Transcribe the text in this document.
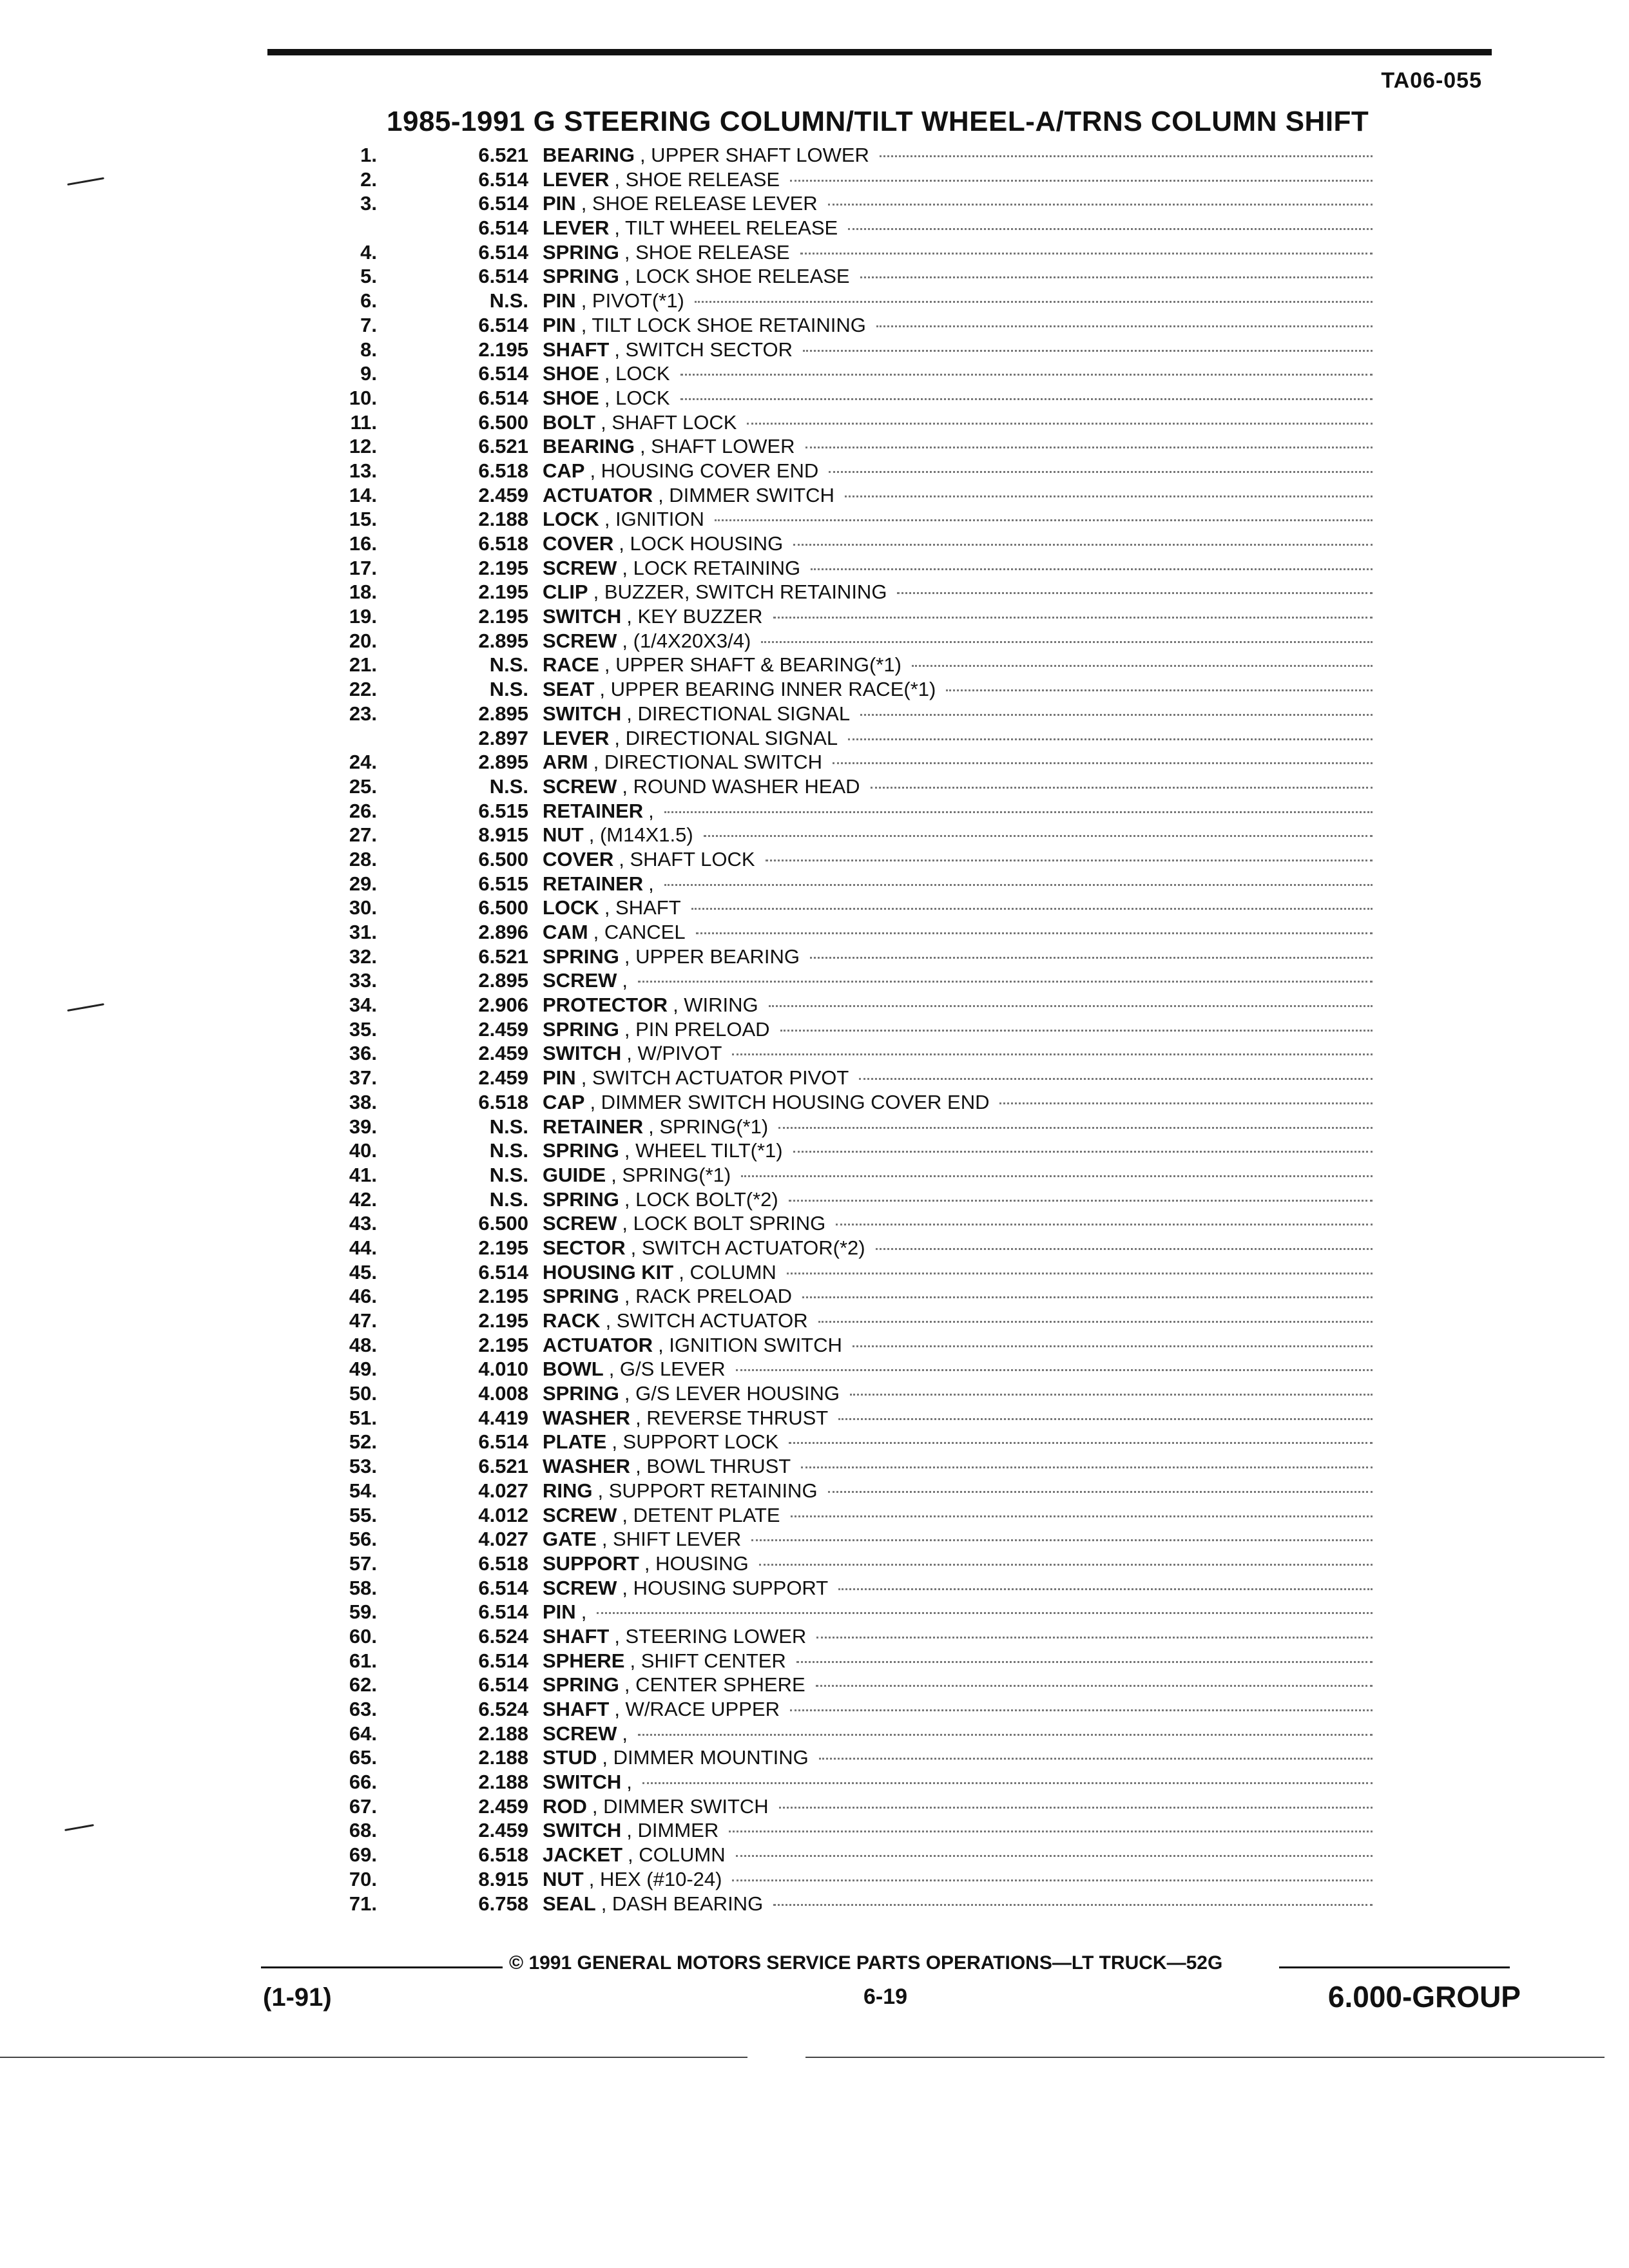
TA06-055
1985-1991 G STEERING COLUMN/TILT WHEEL-A/TRNS COLUMN SHIFT
1.	6.521 BEARING , UPPER SHAFT LOWER
2.	6.514 LEVER , SHOE RELEASE
3.	6.514 PIN , SHOE RELEASE LEVER
6.514 LEVER , TILT WHEEL RELEASE
4.	6.514 SPRING , SHOE RELEASE
5.	6.514 SPRING , LOCK SHOE RELEASE
6.	N.S. PIN , PIVOT(*1)
7.	6.514 PIN , TILT LOCK SHOE RETAINING
8.	2.195 SHAFT , SWITCH SECTOR
9.	6.514 SHOE , LOCK
10.	6.514 SHOE , LOCK
11.	6.500 BOLT , SHAFT LOCK
12.	6.521 BEARING , SHAFT LOWER
13.	6.518 CAP , HOUSING COVER END
14.	2.459 ACTUATOR , DIMMER SWITCH
15.	2.188 LOCK , IGNITION
16.	6.518 COVER , LOCK HOUSING
17.	2.195 SCREW , LOCK RETAINING
18.	2.195 CLIP , BUZZER, SWITCH RETAINING
19.	2.195 SWITCH , KEY BUZZER
20.	2.895 SCREW , (1/4X20X3/4)
21.	N.S. RACE , UPPER SHAFT & BEARING(*1)
22.	N.S. SEAT , UPPER BEARING INNER RACE(*1)
23.	2.895 SWITCH , DIRECTIONAL SIGNAL
2.897 LEVER , DIRECTIONAL SIGNAL
24.	2.895 ARM , DIRECTIONAL SWITCH
25.	N.S. SCREW , ROUND WASHER HEAD
26.	6.515 RETAINER ,
27.	8.915 NUT , (M14X1.5)
28.	6.500 COVER , SHAFT LOCK
29.	6.515 RETAINER ,
30.	6.500 LOCK , SHAFT
31.	2.896 CAM , CANCEL
32.	6.521 SPRING , UPPER BEARING
33.	2.895 SCREW ,
34.	2.906 PROTECTOR , WIRING
35.	2.459 SPRING , PIN PRELOAD
36.	2.459 SWITCH , W/PIVOT
37.	2.459 PIN , SWITCH ACTUATOR PIVOT
38.	6.518 CAP , DIMMER SWITCH HOUSING COVER END
39.	N.S. RETAINER , SPRING(*1)
40.	N.S. SPRING , WHEEL TILT(*1)
41.	N.S. GUIDE , SPRING(*1)
42.	N.S. SPRING , LOCK BOLT(*2)
43.	6.500 SCREW , LOCK BOLT SPRING
44.	2.195 SECTOR , SWITCH ACTUATOR(*2)
45.	6.514 HOUSING KIT , COLUMN
46.	2.195 SPRING , RACK PRELOAD
47.	2.195 RACK , SWITCH ACTUATOR
48.	2.195 ACTUATOR , IGNITION SWITCH
49.	4.010 BOWL , G/S LEVER
50.	4.008 SPRING , G/S LEVER HOUSING
51.	4.419 WASHER , REVERSE THRUST
52.	6.514 PLATE , SUPPORT LOCK
53.	6.521 WASHER , BOWL THRUST
54.	4.027 RING , SUPPORT RETAINING
55.	4.012 SCREW , DETENT PLATE
56.	4.027 GATE , SHIFT LEVER
57.	6.518 SUPPORT , HOUSING
58.	6.514 SCREW , HOUSING SUPPORT
59.	6.514 PIN ,
60.	6.524 SHAFT , STEERING LOWER
61.	6.514 SPHERE , SHIFT CENTER
62.	6.514 SPRING , CENTER SPHERE
63.	6.524 SHAFT , W/RACE UPPER
64.	2.188 SCREW ,
65.	2.188 STUD , DIMMER MOUNTING
66.	2.188 SWITCH ,
67.	2.459 ROD , DIMMER SWITCH
68.	2.459 SWITCH , DIMMER
69.	6.518 JACKET , COLUMN
70.	8.915 NUT , HEX (#10-24)
71.	6.758 SEAL , DASH BEARING
© 1991 GENERAL MOTORS SERVICE PARTS OPERATIONS—LT TRUCK—52G
(1-91)	6-19	6.000-GROUP
